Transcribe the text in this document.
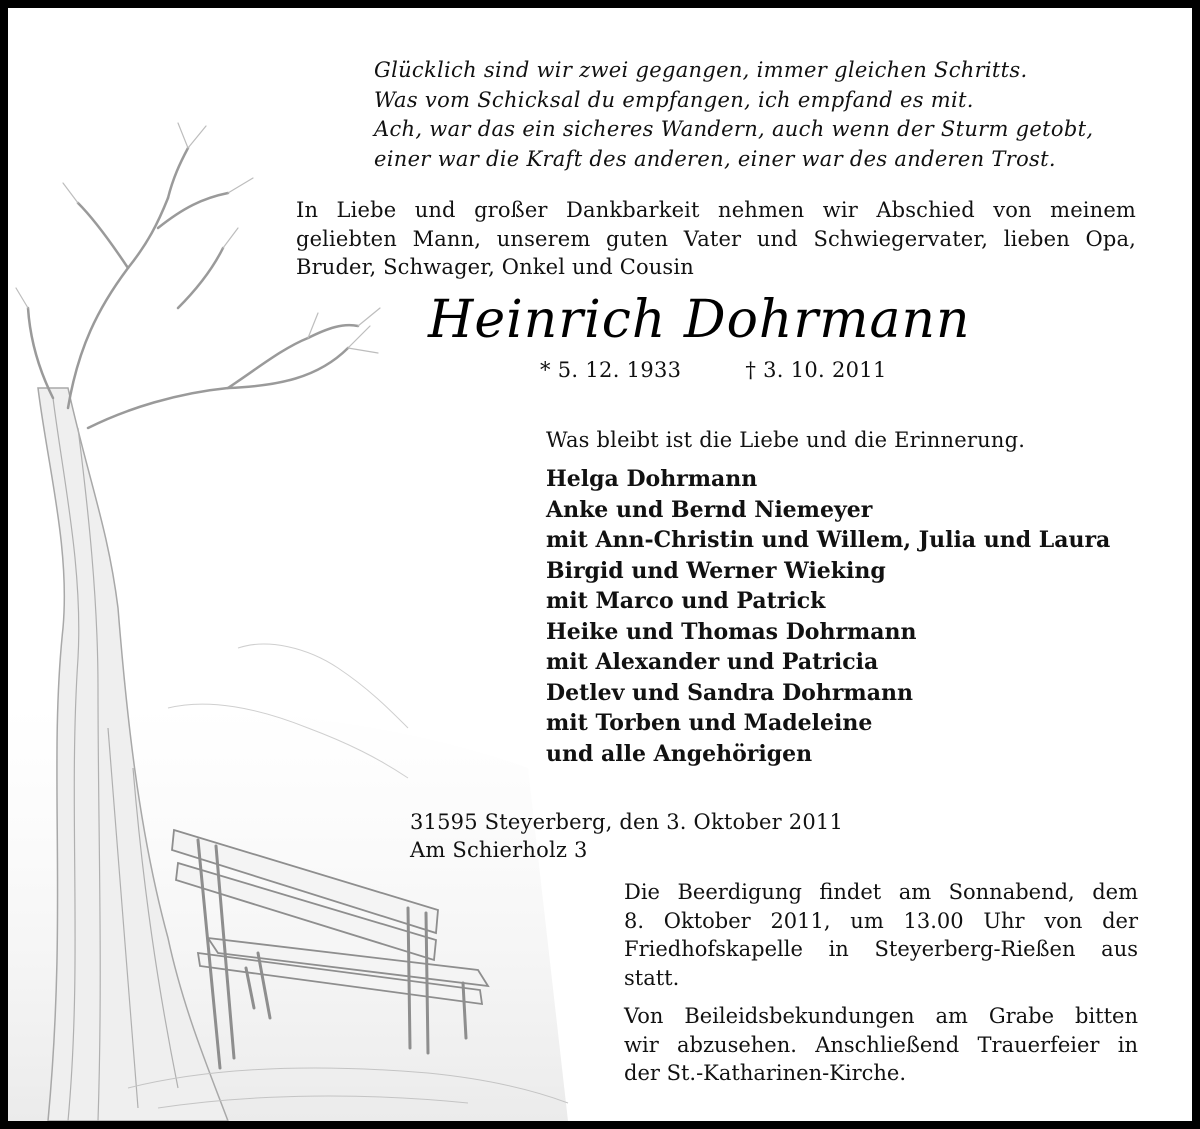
Glücklich sind wir zwei gegangen, immer gleichen Schritts.
Was vom Schicksal du empfangen, ich empfand es mit.
Ach, war das ein sicheres Wandern, auch wenn der Sturm getobt,
einer war die Kraft des anderen, einer war des anderen Trost.
In Liebe und großer Dankbarkeit nehmen wir Abschied von meinem
geliebten Mann, unserem guten Vater und Schwiegervater, lieben Opa,
Bruder, Schwager, Onkel und Cousin
Heinrich Dohrmann
* 5. 12. 1933	† 3. 10. 2011
Was bleibt ist die Liebe und die Erinnerung.
Helga Dohrmann
Anke und Bernd Niemeyer
mit Ann-Christin und Willem, Julia und Laura
Birgid und Werner Wieking
mit Marco und Patrick
Heike und Thomas Dohrmann
mit Alexander und Patricia
Detlev und Sandra Dohrmann
mit Torben und Madeleine
und alle Angehörigen
31595 Steyerberg, den 3. Oktober 2011
Am Schierholz 3

Die Beerdigung findet am Sonnabend, dem
8. Oktober 2011, um 13.00 Uhr von der
Friedhofskapelle in Steyerberg-Rießen aus
statt.

Von Beileidsbekundungen am Grabe bitten
wir abzusehen. Anschließend Trauerfeier in
der St.-Katharinen-Kirche.
